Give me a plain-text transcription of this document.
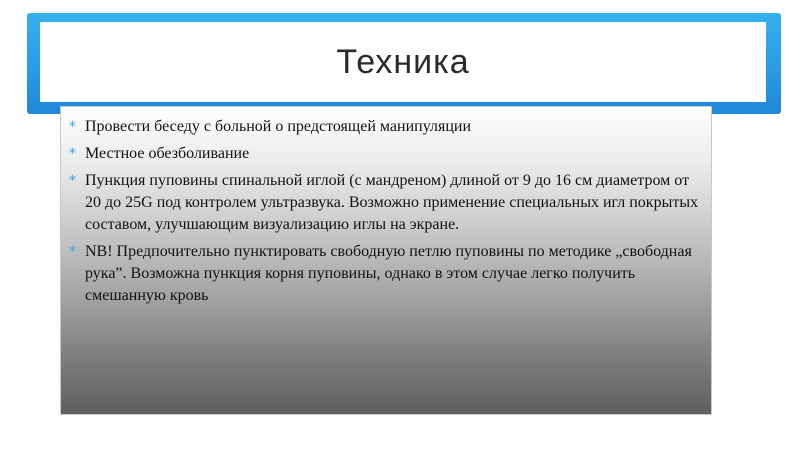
Техника
* Провести беседу с больной о предстоящей манипуляции
* Местное обезболивание
* Пункция пуповины спинальной иглой (с мандреном) длиной от 9 до 16 см диаметром от 20 до 25G под контролем ультразвука. Возможно применение специальных игл покрытых составом, улучшающим визуализацию иглы на экране.
* NB! Предпочительно пунктировать свободную петлю пуповины по методике „свободная рука”. Возможна пункция корня пуповины, однако в этом случае легко получить смешанную кровь
